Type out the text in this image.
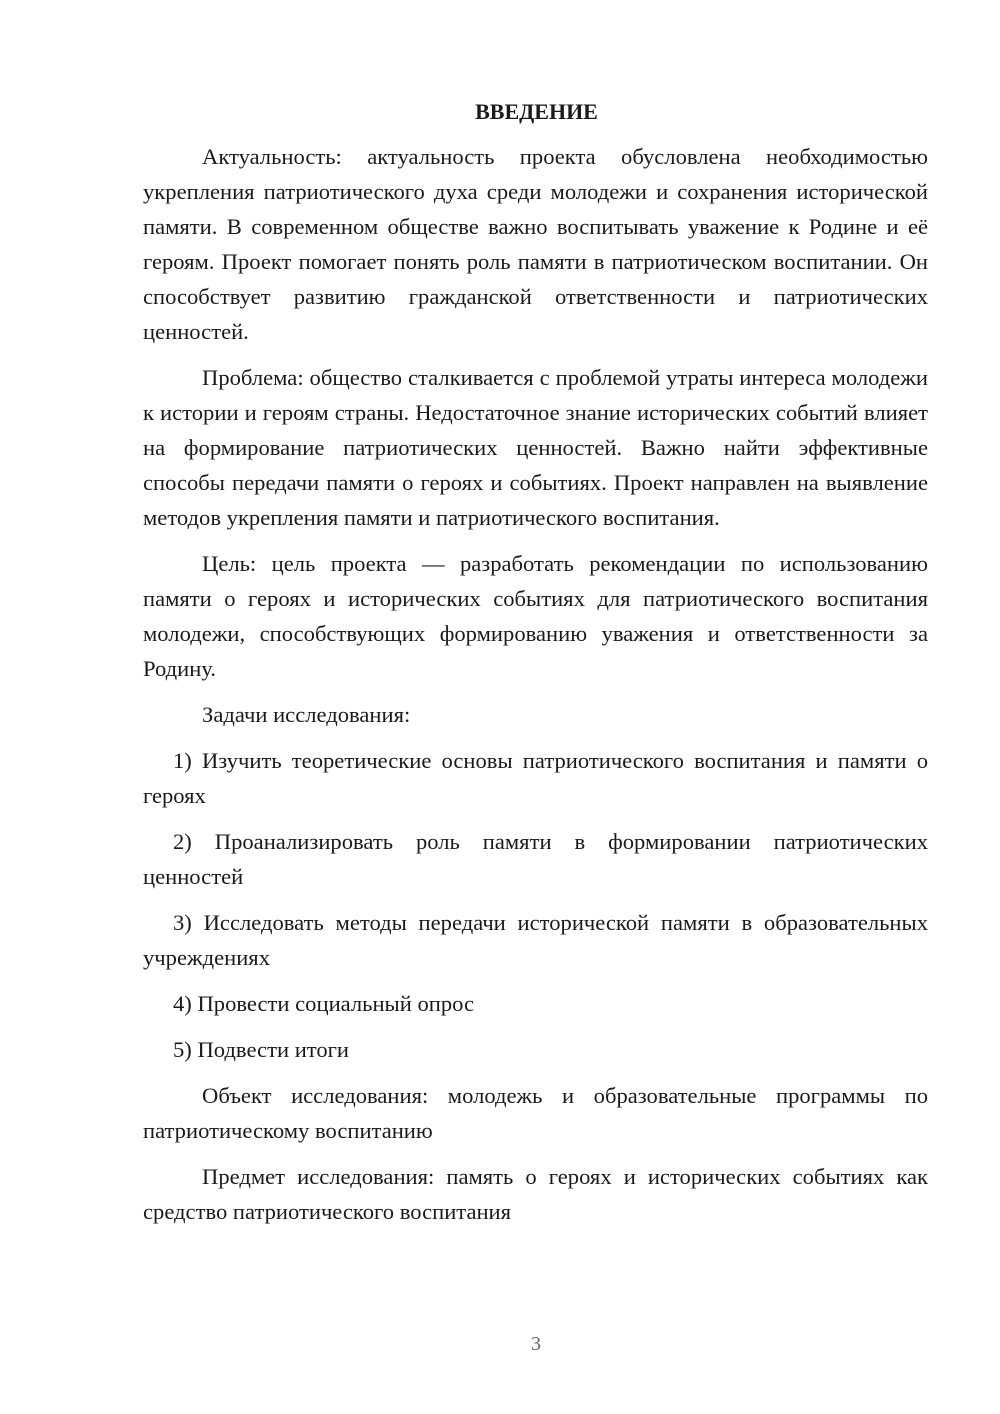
ВВЕДЕНИЕ

Актуальность: актуальность проекта обусловлена необходимостью укрепления патриотического духа среди молодежи и сохранения исторической памяти. В современном обществе важно воспитывать уважение к Родине и её героям. Проект помогает понять роль памяти в патриотическом воспитании. Он способствует развитию гражданской ответственности и патриотических ценностей.

Проблема: общество сталкивается с проблемой утраты интереса молодежи к истории и героям страны. Недостаточное знание исторических событий влияет на формирование патриотических ценностей. Важно найти эффективные способы передачи памяти о героях и событиях. Проект направлен на выявление методов укрепления памяти и патриотического воспитания.

Цель: цель проекта — разработать рекомендации по использованию памяти о героях и исторических событиях для патриотического воспитания молодежи, способствующих формированию уважения и ответственности за Родину.

Задачи исследования:

1) Изучить теоретические основы патриотического воспитания и памяти о героях

2) Проанализировать роль памяти в формировании патриотических ценностей

3) Исследовать методы передачи исторической памяти в образовательных учреждениях

4) Провести социальный опрос

5) Подвести итоги

Объект исследования: молодежь и образовательные программы по патриотическому воспитанию

Предмет исследования: память о героях и исторических событиях как средство патриотического воспитания

3
